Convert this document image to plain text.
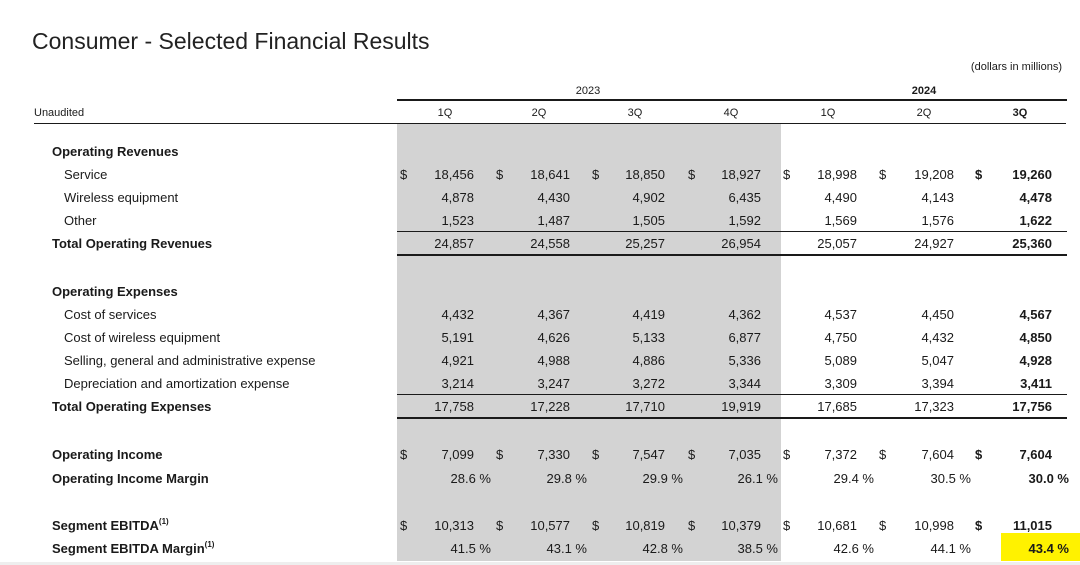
Consumer - Selected Financial Results
(dollars in millions)
2023	2024
Unaudited	1Q	2Q	3Q	4Q	1Q	2Q	3Q
Operating Revenues
Service	$	18,456 $	18,641 $	18,850 $	18,927 $	18,998 $	19,208 $	19,260
Wireless equipment	4,878	4,430	4,902	6,435	4,490	4,143	4,478
Other	1,523	1,487	1,505	1,592	1,569	1,576	1,622
Total Operating Revenues	24,857	24,558	25,257	26,954	25,057	24,927	25,360
Operating Expenses
Cost of services	4,432	4,367	4,419	4,362	4,537	4,450	4,567
Cost of wireless equipment	5,191	4,626	5,133	6,877	4,750	4,432	4,850
Selling, general and administrative expense	4,921	4,988	4,886	5,336	5,089	5,047	4,928
Depreciation and amortization expense	3,214	3,247	3,272	3,344	3,309	3,394	3,411
Total Operating Expenses	17,758	17,228	17,710	19,919	17,685	17,323	17,756
Operating Income	$	7,099 $	7,330 $	7,547 $	7,035 $	7,372 $	7,604 $	7,604
Operating Income Margin	28.6 %	29.8 %	29.9 %	26.1 %	29.4 %	30.5 %	30.0 %
Segment EBITDA$^{(1)}$	$	10,313 $	10,577 $	10,819 $	10,379 $	10,681 $	10,998 $	11,015
Segment EBITDA Margin$^{(1)}$	41.5 %	43.1 %	42.8 %	38.5 %	42.6 %	44.1 %	43.4 %
